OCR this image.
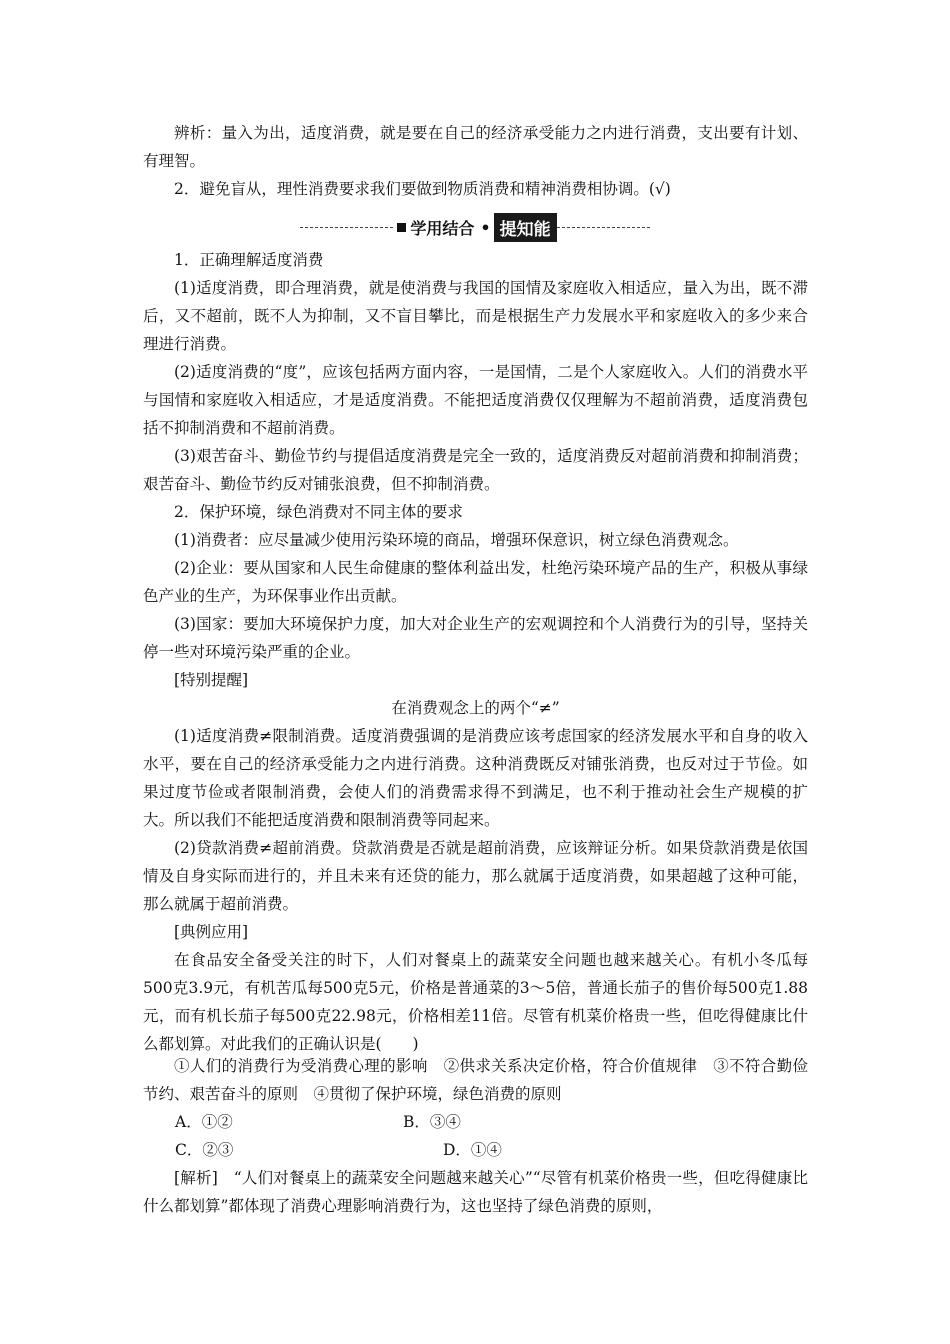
辨析：量入为出，适度消费，就是要在自己的经济承受能力之内进行消费，支出要有计划、有理智。

2．避免盲从，理性消费要求我们要做到物质消费和精神消费相协调。(√)

学用结合 • 提知能

1．正确理解适度消费

(1)适度消费，即合理消费，就是使消费与我国的国情及家庭收入相适应，量入为出，既不滞后，又不超前，既不人为抑制，又不盲目攀比，而是根据生产力发展水平和家庭收入的多少来合理进行消费。

(2)适度消费的“度”，应该包括两方面内容，一是国情，二是个人家庭收入。人们的消费水平与国情和家庭收入相适应，才是适度消费。不能把适度消费仅仅理解为不超前消费，适度消费包括不抑制消费和不超前消费。

(3)艰苦奋斗、勤俭节约与提倡适度消费是完全一致的，适度消费反对超前消费和抑制消费；艰苦奋斗、勤俭节约反对铺张浪费，但不抑制消费。

2．保护环境，绿色消费对不同主体的要求

(1)消费者：应尽量减少使用污染环境的商品，增强环保意识，树立绿色消费观念。

(2)企业：要从国家和人民生命健康的整体利益出发，杜绝污染环境产品的生产，积极从事绿色产业的生产，为环保事业作出贡献。

(3)国家：要加大环境保护力度，加大对企业生产的宏观调控和个人消费行为的引导，坚持关停一些对环境污染严重的企业。

[特别提醒]

在消费观念上的两个“≠”

(1)适度消费≠限制消费。适度消费强调的是消费应该考虑国家的经济发展水平和自身的收入水平，要在自己的经济承受能力之内进行消费。这种消费既反对铺张消费，也反对过于节俭。如果过度节俭或者限制消费，会使人们的消费需求得不到满足，也不利于推动社会生产规模的扩大。所以我们不能把适度消费和限制消费等同起来。

(2)贷款消费≠超前消费。贷款消费是否就是超前消费，应该辩证分析。如果贷款消费是依国情及自身实际而进行的，并且未来有还贷的能力，那么就属于适度消费，如果超越了这种可能，那么就属于超前消费。

[典例应用]

在食品安全备受关注的时下，人们对餐桌上的蔬菜安全问题也越来越关心。有机小冬瓜每500克3.9元，有机苦瓜每500克5元，价格是普通菜的3～5倍，普通长茄子的售价每500克1.88元，而有机长茄子每500克22.98元，价格相差11倍。尽管有机菜价格贵一些，但吃得健康比什么都划算。对此我们的正确认识是(　　)

①人们的消费行为受消费心理的影响　②供求关系决定价格，符合价值规律　③不符合勤俭节约、艰苦奋斗的原则　④贯彻了保护环境，绿色消费的原则

A．①②	B．③④
C．②③	D．①④

[解析]　“人们对餐桌上的蔬菜安全问题越来越关心”“尽管有机菜价格贵一些，但吃得健康比什么都划算”都体现了消费心理影响消费行为，这也坚持了绿色消费的原则，
